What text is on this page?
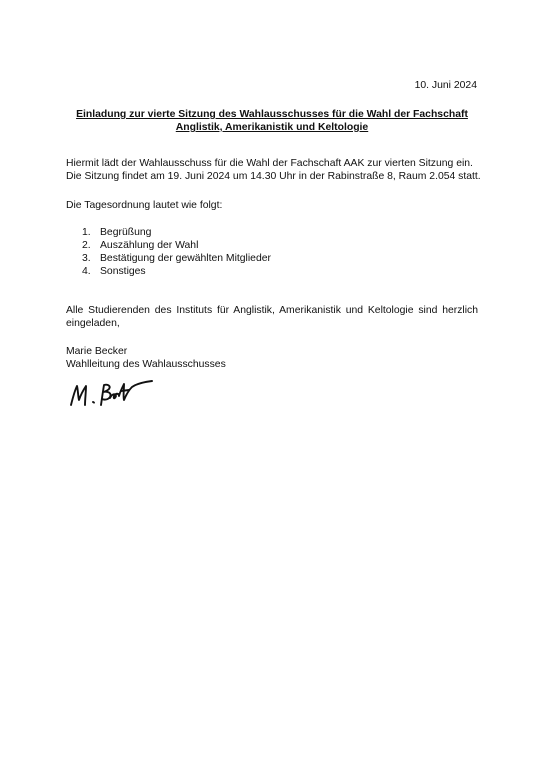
10. Juni 2024
Einladung zur vierte Sitzung des Wahlausschusses für die Wahl der Fachschaft
Anglistik, Amerikanistik und Keltologie
Hiermit lädt der Wahlausschuss für die Wahl der Fachschaft AAK zur vierten Sitzung ein.
Die Sitzung findet am 19. Juni 2024 um 14.30 Uhr in der Rabinstraße 8, Raum 2.054 statt.
Die Tagesordnung lautet wie folgt:
1. Begrüßung
2. Auszählung der Wahl
3. Bestätigung der gewählten Mitglieder
4. Sonstiges
Alle Studierenden des Instituts für Anglistik, Amerikanistik und Keltologie sind herzlich
eingeladen,
Marie Becker
Wahlleitung des Wahlausschusses
